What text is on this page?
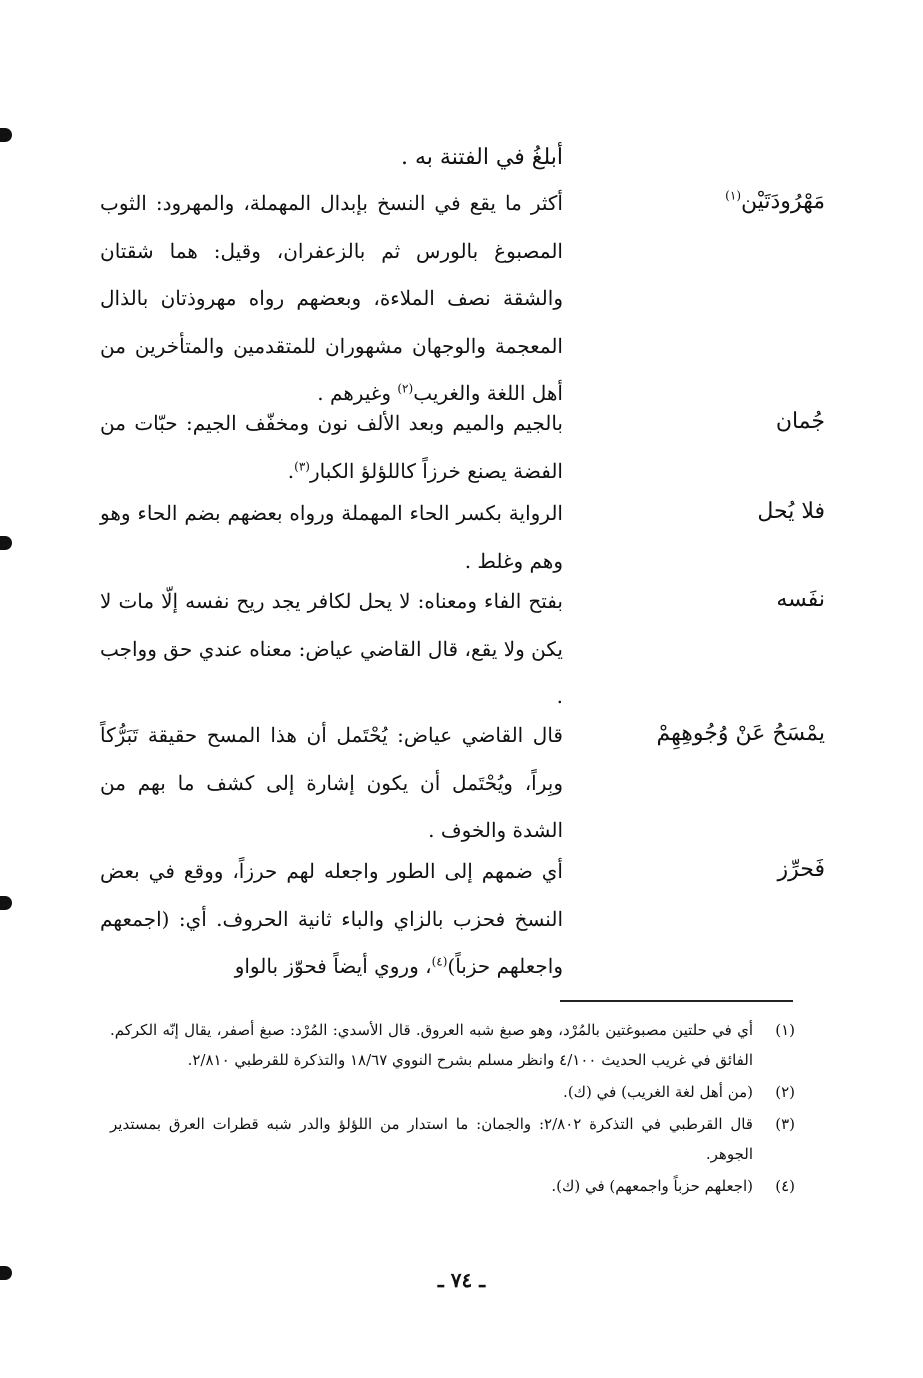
أبلغُ في الفتنة به .
مَهْرُودَتَيْن$^{(١)}$
أكثر ما يقع في النسخ بإبدال المهملة، والمهرود: الثوب المصبوغ بالورس ثم بالزعفران، وقيل: هما شقتان والشقة نصف الملاءة، وبعضهم رواه مهروذتان بالذال المعجمة والوجهان مشهوران للمتقدمين والمتأخرين من أهل اللغة والغريب$^{(٢)}$ وغيرهم .
جُمان
بالجيم والميم وبعد الألف نون ومخفّف الجيم: حبّات من الفضة يصنع خرزاً كاللؤلؤ الكبار$^{(٣)}$.
فلا يُحل
الرواية بكسر الحاء المهملة ورواه بعضهم بضم الحاء وهو وهم وغلط .
نفَسه
بفتح الفاء ومعناه: لا يحل لكافر يجد ريح نفسه إلّا مات لا يكن ولا يقع، قال القاضي عياض: معناه عندي حق وواجب .
يمْسَحُ عَنْ وُجُوهِهِمْ
قال القاضي عياض: يُحْتَمل أن هذا المسح حقيقة تَبَرُّكاً وبِراً، ويُحْتَمل أن يكون إشارة إلى كشف ما بهم من الشدة والخوف .
فَحرِّز
أي ضمهم إلى الطور واجعله لهم حرزاً، ووقع في بعض النسخ فحزب بالزاي والباء ثانية الحروف. أي: (اجمعهم واجعلهم حزباً)$^{(٤)}$، وروي أيضاً فحوّز بالواو
(١)
أي في حلتين مصبوغتين بالمُرْد، وهو صبغ شبه العروق. قال الأسدي: المُرْد: صبغ أصفر، يقال إنّه الكركم. الفائق في غريب الحديث ٤/١٠٠ وانظر مسلم بشرح النووي ١٨/٦٧ والتذكرة للقرطبي ٢/٨١٠.
(٢)
(من أهل لغة الغريب) في (ك).
(٣)
قال القرطبي في التذكرة ٢/٨٠٢: والجمان: ما استدار من اللؤلؤ والدر شبه قطرات العرق بمستدير الجوهر.
(٤)
(اجعلهم حزباً واجمعهم) في (ك).
ـ ٧٤ ـ
